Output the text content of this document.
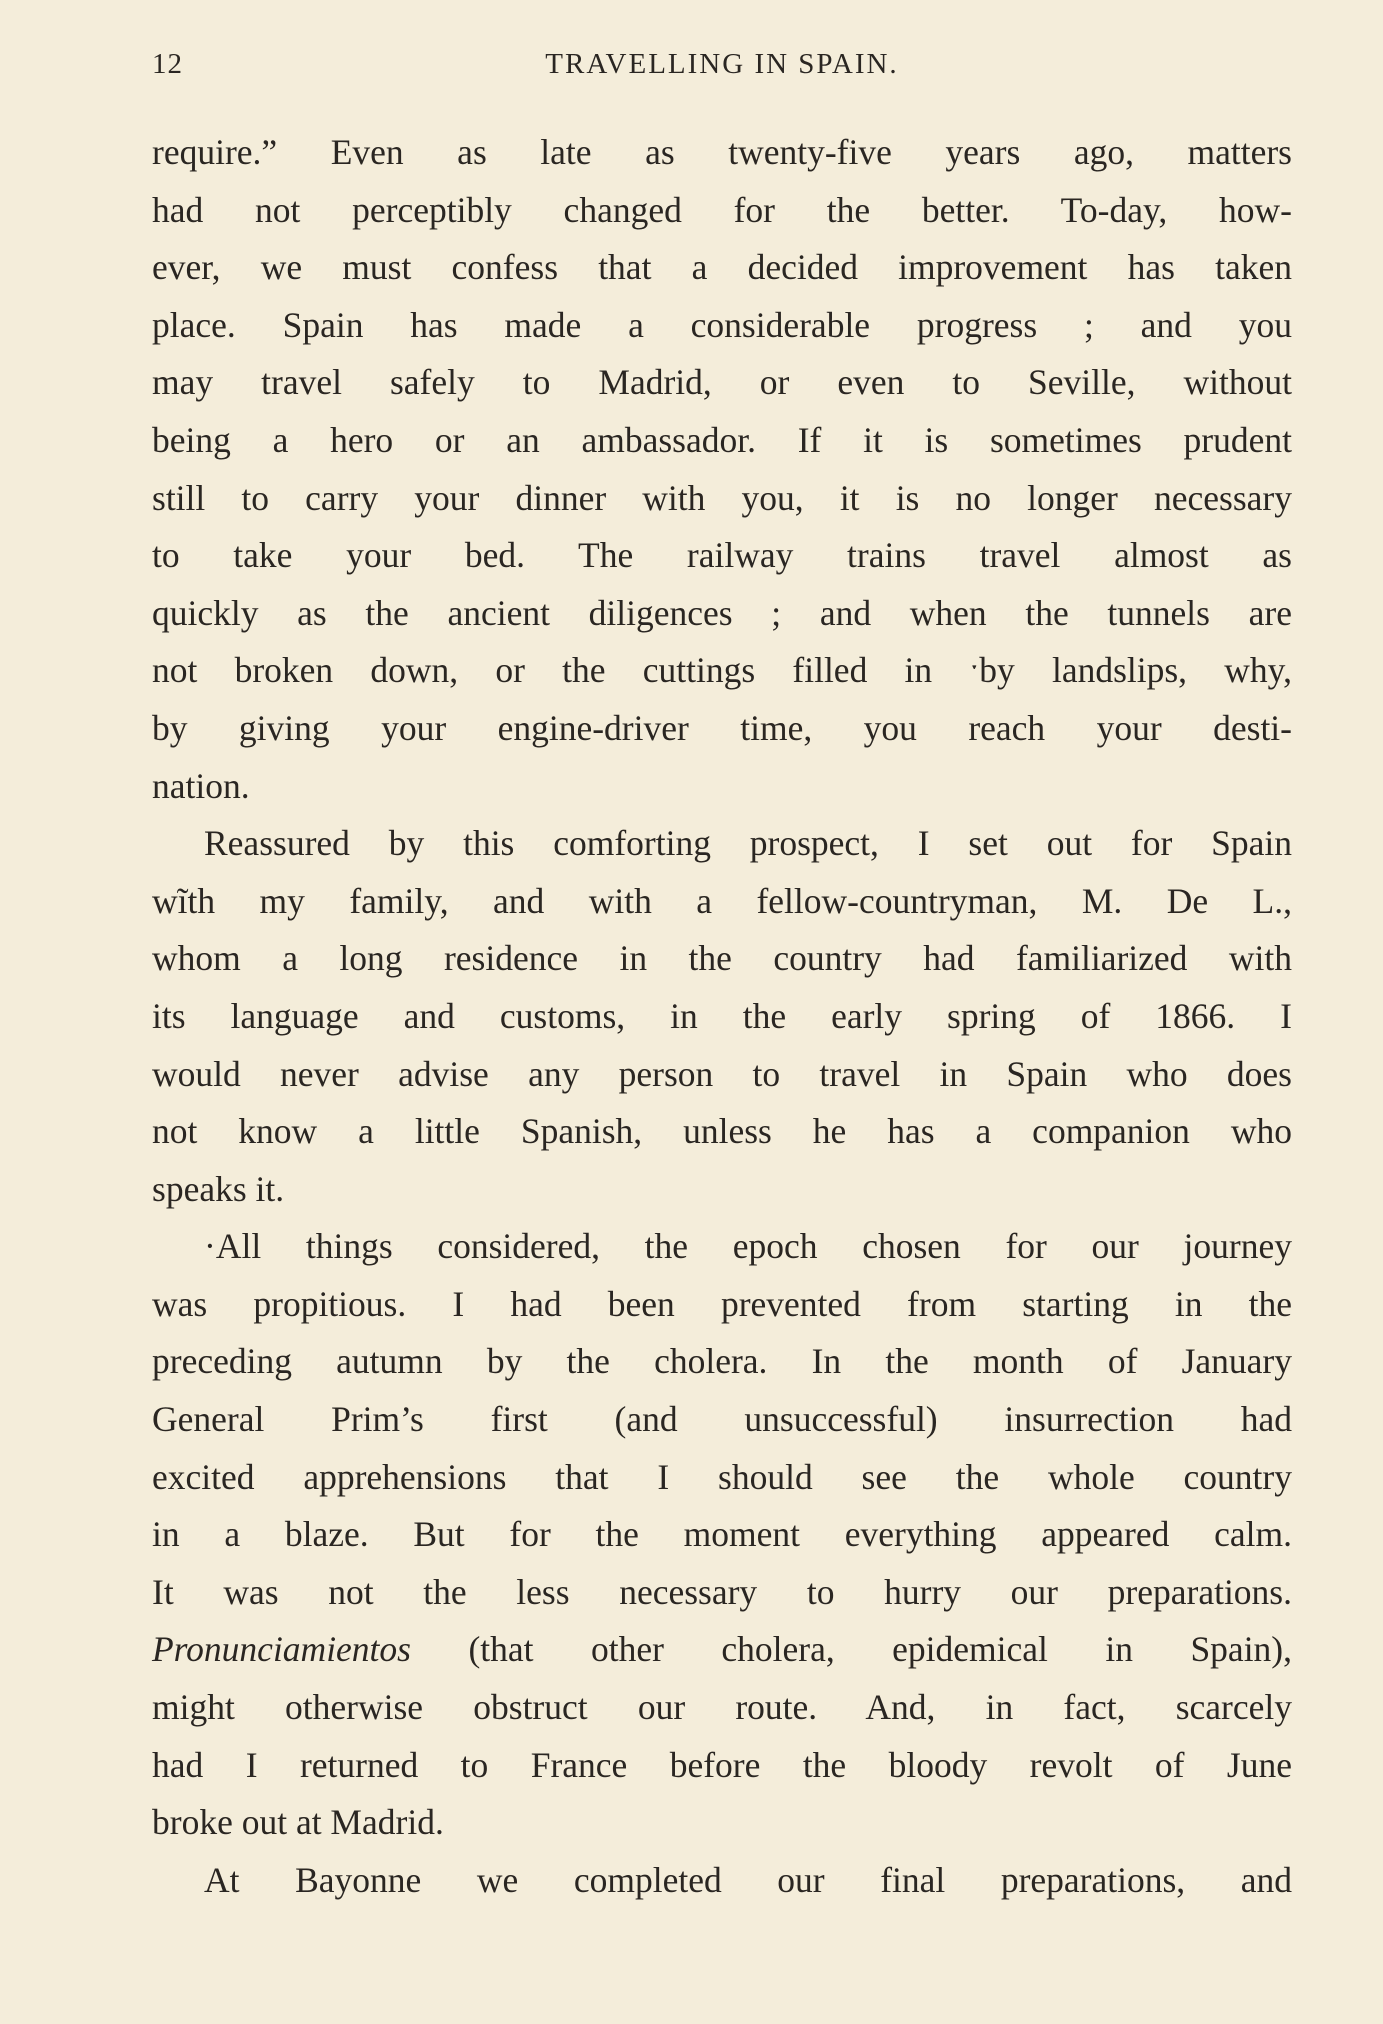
12	TRAVELLING IN SPAIN.
require.” Even as late as twenty-five years ago, matters
had not perceptibly changed for the better. To-day, how-
ever, we must confess that a decided improvement has taken
place. Spain has made a considerable progress ; and you
may travel safely to Madrid, or even to Seville, without
being a hero or an ambassador. If it is sometimes prudent
still to carry your dinner with you, it is no longer necessary
to take your bed. The railway trains travel almost as
quickly as the ancient diligences ; and when the tunnels are
not broken down, or the cuttings filled in ˑby landslips, why,
by giving your engine-driver time, you reach your desti-
nation.
Reassured by this comforting prospect, I set out for Spain
wĩth my family, and with a fellow-countryman, M. De L.,
whom a long residence in the country had familiarized with
its language and customs, in the early spring of 1866. I
would never advise any person to travel in Spain who does
not know a little Spanish, unless he has a companion who
speaks it.
·All things considered, the epoch chosen for our journey
was propitious. I had been prevented from starting in the
preceding autumn by the cholera. In the month of January
General Prim’s first (and unsuccessful) insurrection had
excited apprehensions that I should see the whole country
in a blaze. But for the moment everything appeared calm.
It was not the less necessary to hurry our preparations.
Pronunciamientos (that other cholera, epidemical in Spain),
might otherwise obstruct our route. And, in fact, scarcely
had I returned to France before the bloody revolt of June
broke out at Madrid.
At Bayonne we completed our final preparations, and
